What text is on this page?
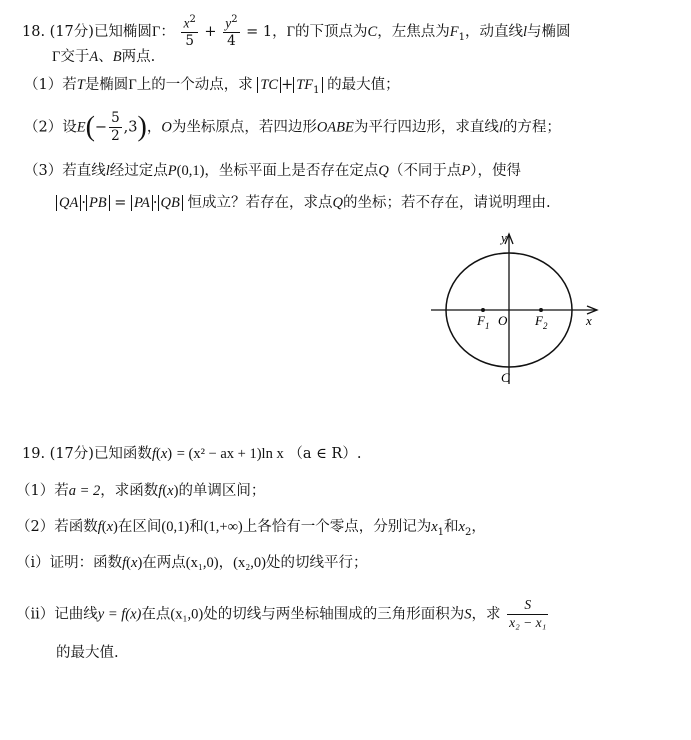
18. (17分)已知椭圆Γ： $\frac{x^2}{5} + \frac{y^2}{4} = 1$，Γ的下顶点为C，左焦点为$F_1$，动直线l与椭圆
Γ交于A、B两点.
（1）若T是椭圆Γ上的一个动点，求 TC + $TF_1$ 的最大值；
（2）设$E(- \frac{5}{2} ,3)$，O为坐标原点，若四边形OABE为平行四边形，求直线l的方程；
（3）若直线l经过定点P(0,1)，坐标平面上是否存在定点Q（不同于点P），使得
QA · PB = PA · QB 恒成立？若存在，求点Q的坐标；若不存在，请说明理由.
y
x
O
$F_1$	$F_2$
C
19. (17分)已知函数f(x) = (x² − ax + 1)ln x （a ∈ R）.
（1）若a = 2，求函数f(x)的单调区间；
（2）若函数f(x)在区间(0,1)和(1,+∞)上各恰有一个零点，分别记为$x_1$和$x_2$，
（ⅰ）证明：函数f(x)在两点(x₁,0)，(x₂,0)处的切线平行；
（ⅱ）记曲线y = f(x)在点(x₁,0)处的切线与两坐标轴围成的三角形面积为S，求 $\frac{S}{\text{x₂ − x₁}}$
的最大值.
